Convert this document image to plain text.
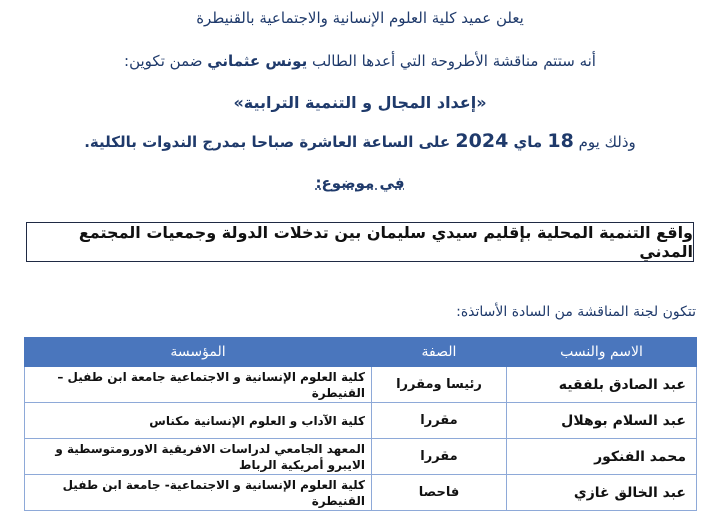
يعلن عميد كلية العلوم الإنسانية والاجتماعية بالقنيطرة
أنه ستتم مناقشة الأطروحة التي أعدها الطالب يونس عثماني ضمن تكوين:
«إعداد المجال و التنمية الترابية»
وذلك يوم 18 ماي 2024 على الساعة العاشرة صباحا بمدرج الندوات بالكلية.
في موضوع:
واقع التنمية المحلية بإقليم سيدي سليمان بين تدخلات الدولة وجمعيات المجتمع المدني
تتكون لجنة المناقشة من السادة الأساتذة:
الاسم والنسب	الصفة	المؤسسة
عبد الصادق بلفقيه	رئيسا ومقررا	كلية العلوم الإنسانية و الاجتماعية جامعة ابن طفيل – القنيطرة
عبد السلام بوهلال	مقررا	كلية الآداب و العلوم الإنسانية مكناس
محمد الفنكور	مقررا	المعهد الجامعي لدراسات الافريقية الاورومتوسطية و الايبرو أمريكية الرباط
عبد الخالق غازي	فاحصا	كلية العلوم الإنسانية و الاجتماعية- جامعة ابن طفيل القنيطرة
